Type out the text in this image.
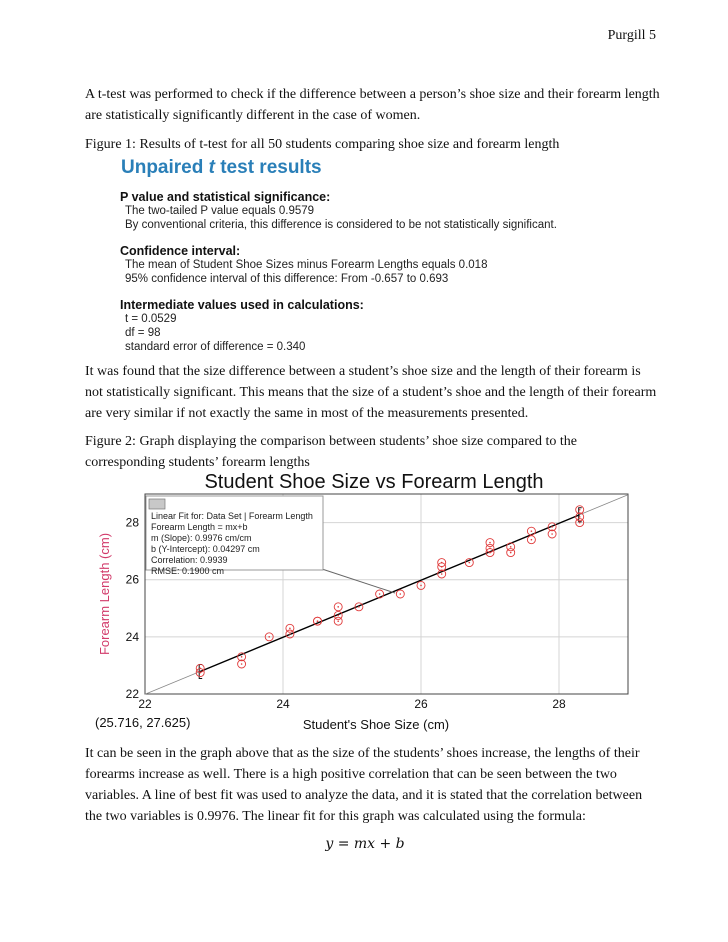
Purgill 5

A t-test was performed to check if the difference between a person’s shoe size and their forearm length are statistically significantly different in the case of women.

Figure 1: Results of t-test for all 50 students comparing shoe size and forearm length

Unpaired t test results
P value and statistical significance:
The two-tailed P value equals 0.9579
By conventional criteria, this difference is considered to be not statistically significant.
Confidence interval:
The mean of Student Shoe Sizes minus Forearm Lengths equals 0.018
95% confidence interval of this difference: From -0.657 to 0.693
Intermediate values used in calculations:
t = 0.0529
df = 98
standard error of difference = 0.340

It was found that the size difference between a student’s shoe size and the length of their forearm is not statistically significant. This means that the size of a student’s shoe and the length of their forearm are very similar if not exactly the same in most of the measurements presented.

Figure 2: Graph displaying the comparison between students’ shoe size compared to the corresponding students’ forearm lengths

Student Shoe Size vs Forearm Length
22	24	26	28
22
24
26
28 Linear Fit for: Data Set | Forearm Length
Forearm Length = mx+b
m (Slope): 0.9976 cm/cm
b (Y-Intercept): 0.04297 cm
Correlation: 0.9939
RMSE: 0.1900 cm
Forearm Length (cm)
Student's Shoe Size (cm)
(25.716, 27.625)

It can be seen in the graph above that as the size of the students’ shoes increase, the lengths of their forearms increase as well. There is a high positive correlation that can be seen between the two variables. A line of best fit was used to analyze the data, and it is stated that the correlation between the two variables is 0.9976. The linear fit for this graph was calculated using the formula:

y = mx + b
